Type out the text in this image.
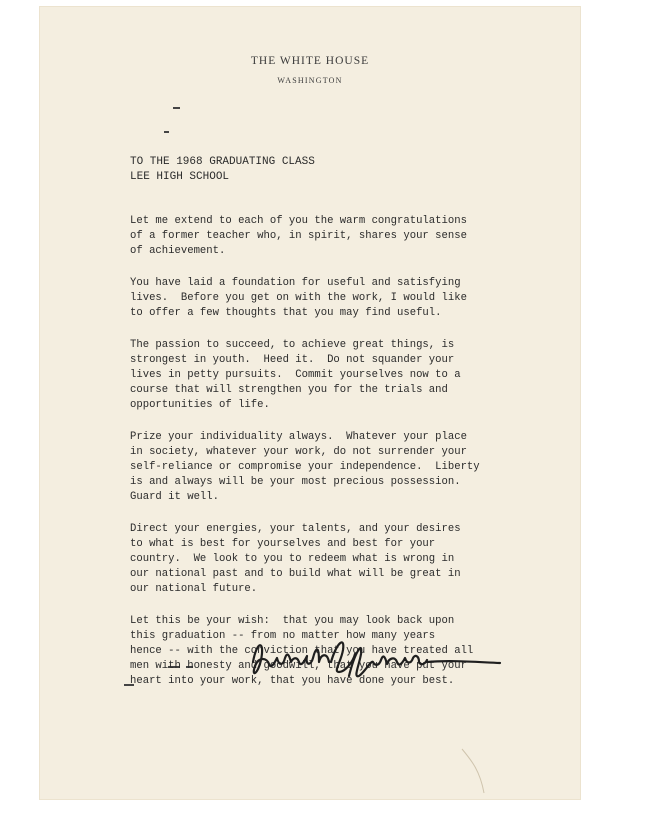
THE WHITE HOUSE
WASHINGTON
TO THE 1968 GRADUATING CLASS
LEE HIGH SCHOOL

Let me extend to each of you the warm congratulations
of a former teacher who, in spirit, shares your sense
of achievement.

You have laid a foundation for useful and satisfying
lives.  Before you get on with the work, I would like
to offer a few thoughts that you may find useful.

The passion to succeed, to achieve great things, is
strongest in youth.  Heed it.  Do not squander your
lives in petty pursuits.  Commit yourselves now to a
course that will strengthen you for the trials and
opportunities of life.

Prize your individuality always.  Whatever your place
in society, whatever your work, do not surrender your
self-reliance or compromise your independence.  Liberty
is and always will be your most precious possession.
Guard it well.

Direct your energies, your talents, and your desires
to what is best for yourselves and best for your
country.  We look to you to redeem what is wrong in
our national past and to build what will be great in
our national future.

Let this be your wish:  that you may look back upon
this graduation -- from no matter how many years
hence -- with the conviction that you have treated all
men with honesty and goodwill, that you have put your
heart into your work, that you have done your best.
